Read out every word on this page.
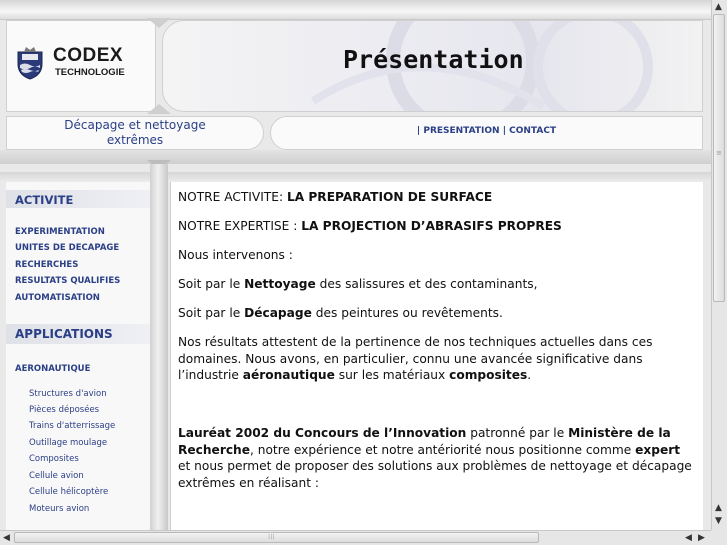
CODEX
TECHNOLOGIE	Présentation
Décapage et nettoyage
extrêmes
| PRESENTATION | CONTACT
ACTIVITE
EXPERIMENTATION
UNITES DE DECAPAGE
RECHERCHES
RESULTATS QUALIFIES
AUTOMATISATION
APPLICATIONS
AERONAUTIQUE
Structures d'avion
Pièces déposées
Trains d'atterrissage
Outillage moulage
Composites
Cellule avion
Cellule hélicoptère
Moteurs avion
NOTRE ACTIVITE: LA PREPARATION DE SURFACE
NOTRE EXPERTISE : LA PROJECTION D’ABRASIFS PROPRES
Nous intervenons :
Soit par le Nettoyage des salissures et des contaminants,
Soit par le Décapage des peintures ou revêtements.
Nos résultats attestent de la pertinence de nos techniques actuelles dans ces domaines. Nous avons, en particulier, connu une avancée significative dans l’industrie aéronautique sur les matériaux composites.
Lauréat 2002 du Concours de l’Innovation patronné par le Ministère de la Recherche, notre expérience et notre antériorité nous positionne comme expert et nous permet de proposer des solutions aux problèmes de nettoyage et décapage extrêmes en réalisant :
▲
≡
▲
▼
◀	⁞⁞⁞	◀ ▶
